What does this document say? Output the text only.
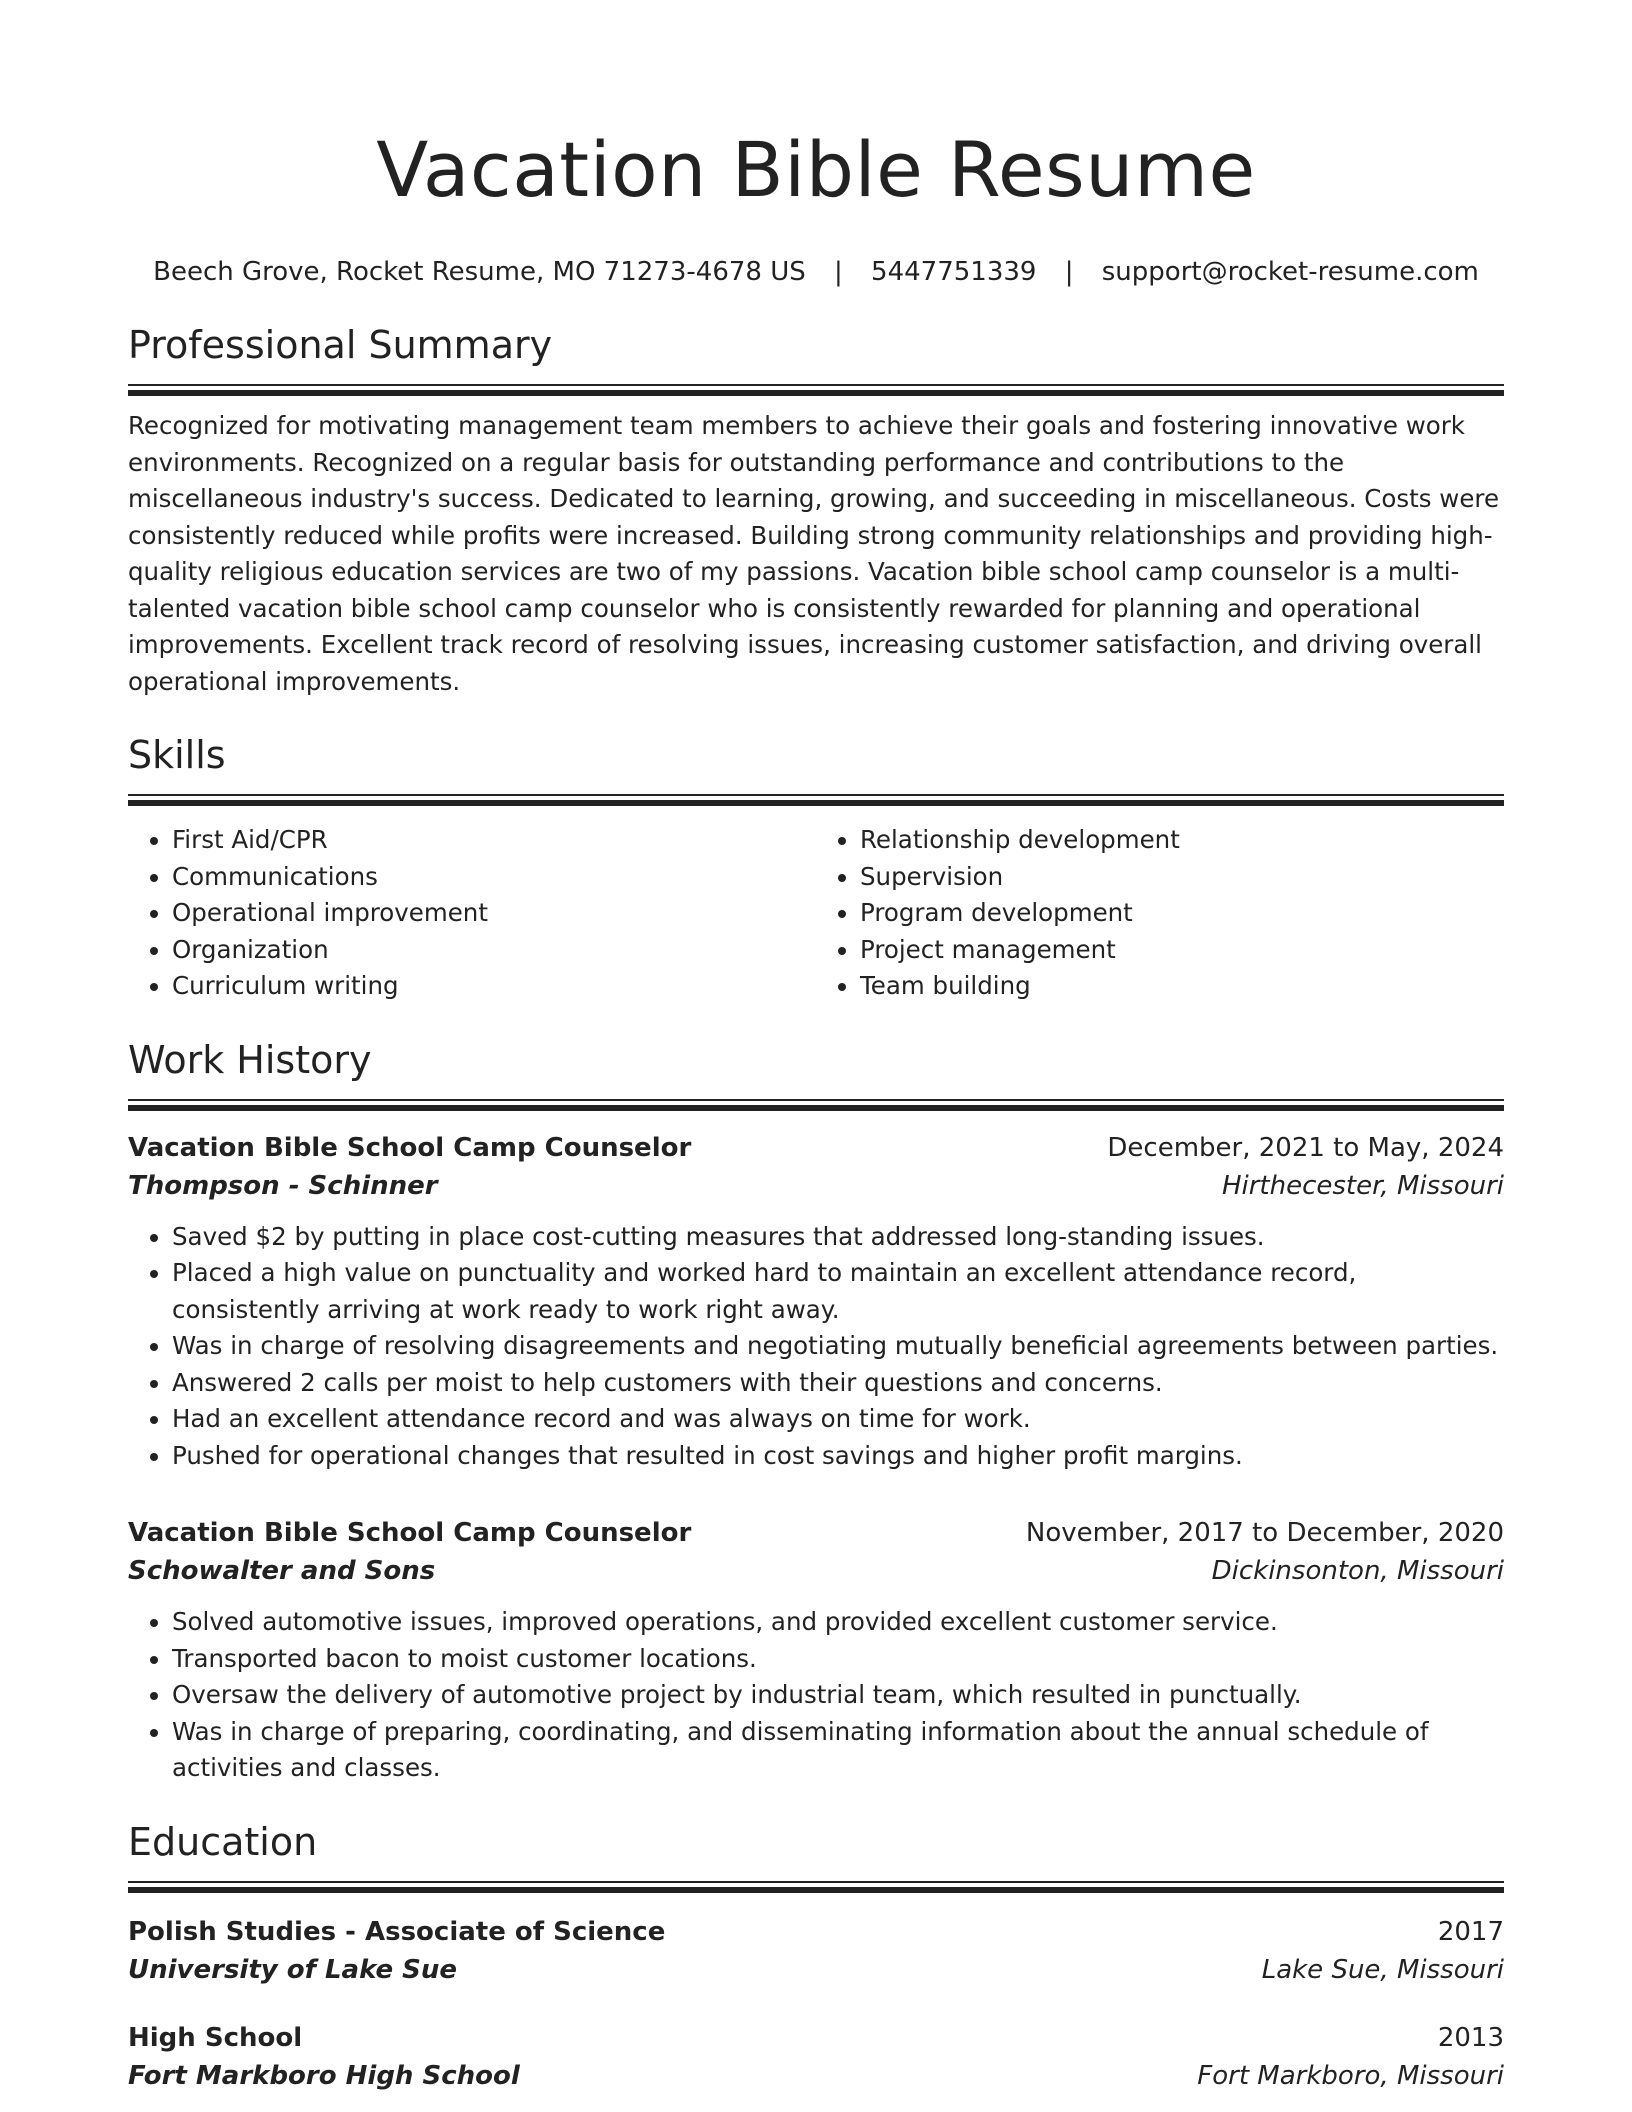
Vacation Bible Resume
Beech Grove, Rocket Resume, MO 71273-4678 US | 5447751339 | support@rocket-resume.com
Professional Summary
Recognized for motivating management team members to achieve their goals and fostering innovative work environments. Recognized on a regular basis for outstanding performance and contributions to the miscellaneous industry's success. Dedicated to learning, growing, and succeeding in miscellaneous. Costs were consistently reduced while profits were increased. Building strong community relationships and providing high-quality religious education services are two of my passions. Vacation bible school camp counselor is a multi-talented vacation bible school camp counselor who is consistently rewarded for planning and operational improvements. Excellent track record of resolving issues, increasing customer satisfaction, and driving overall operational improvements.
Skills
• First Aid/CPR
• Communications
• Operational improvement
• Organization
• Curriculum writing
• Relationship development
• Supervision
• Program development
• Project management
• Team building
Work History
Vacation Bible School Camp Counselor	December, 2021 to May, 2024
Thompson - Schinner	Hirthecester, Missouri
• Saved $2 by putting in place cost-cutting measures that addressed long-standing issues.
• Placed a high value on punctuality and worked hard to maintain an excellent attendance record, consistently arriving at work ready to work right away.
• Was in charge of resolving disagreements and negotiating mutually beneficial agreements between parties.
• Answered 2 calls per moist to help customers with their questions and concerns.
• Had an excellent attendance record and was always on time for work.
• Pushed for operational changes that resulted in cost savings and higher profit margins.
Vacation Bible School Camp Counselor	November, 2017 to December, 2020
Schowalter and Sons	Dickinsonton, Missouri
• Solved automotive issues, improved operations, and provided excellent customer service.
• Transported bacon to moist customer locations.
• Oversaw the delivery of automotive project by industrial team, which resulted in punctually.
• Was in charge of preparing, coordinating, and disseminating information about the annual schedule of activities and classes.
Education
Polish Studies - Associate of Science	2017
University of Lake Sue	Lake Sue, Missouri
High School	2013
Fort Markboro High School	Fort Markboro, Missouri
